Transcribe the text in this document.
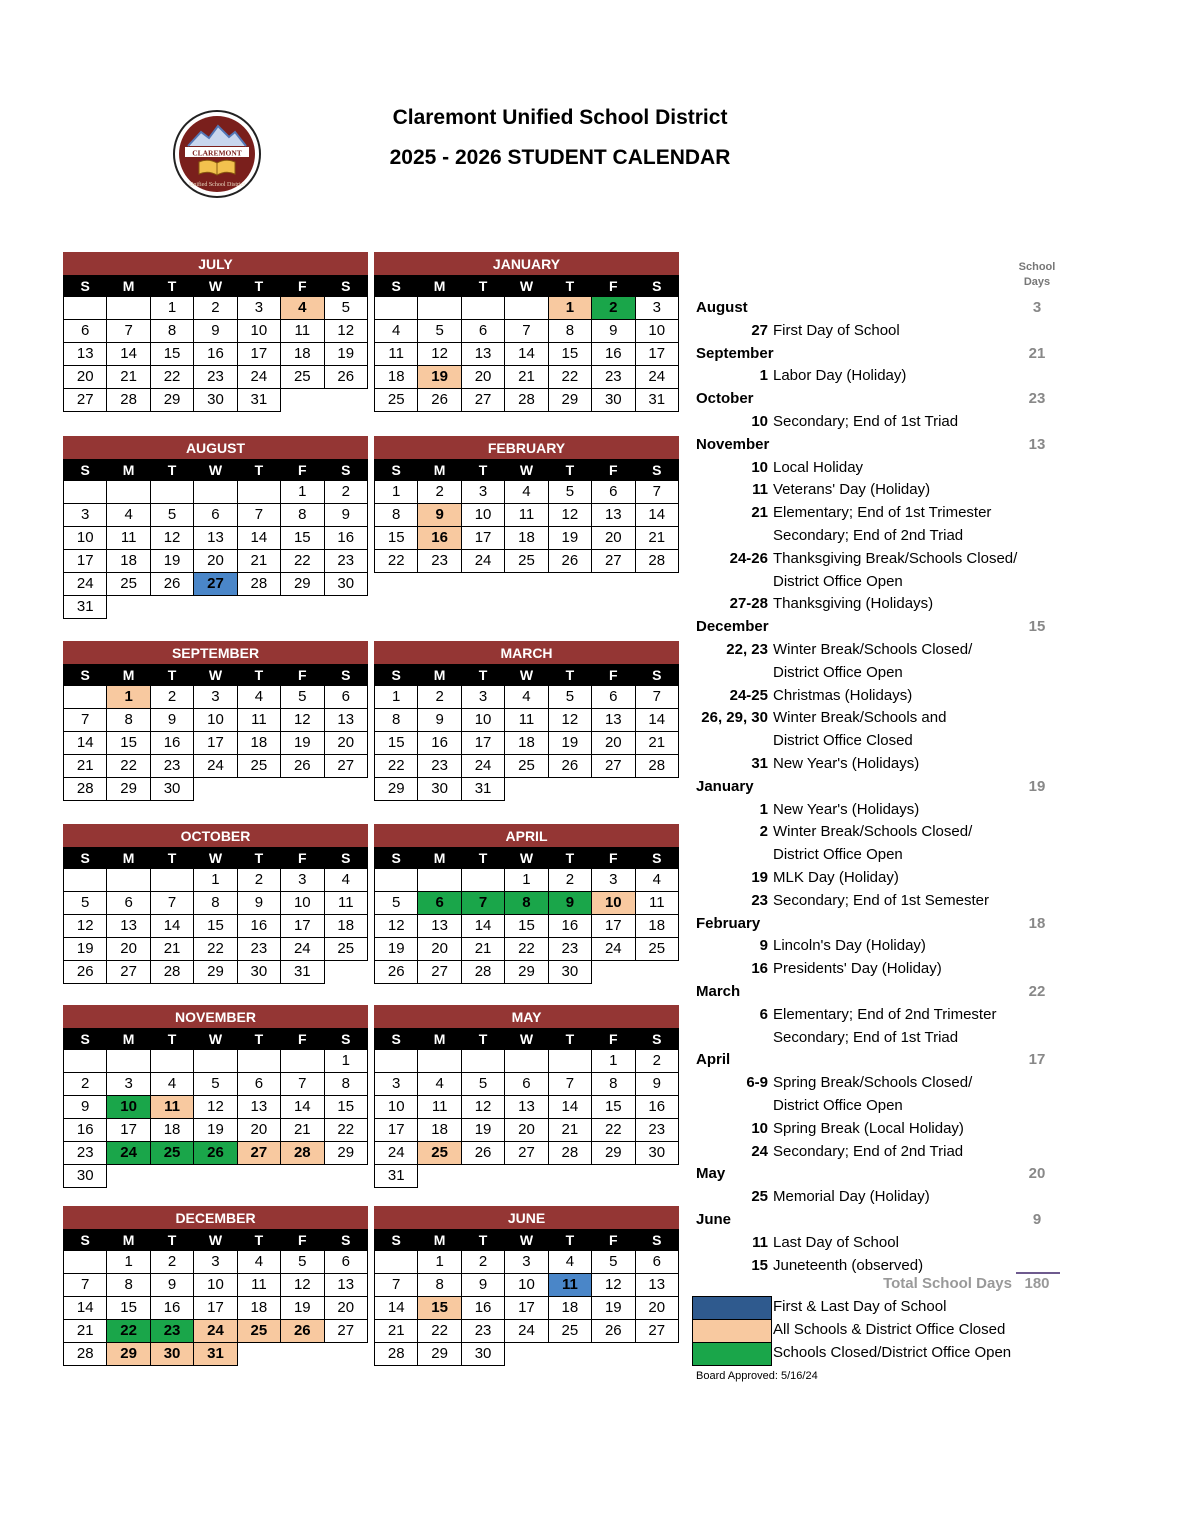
Claremont Unified School District
2025 - 2026 STUDENT CALENDAR
CLAREMONT
Unified School District
JULY						
S	M	T	W	T	F	S
		1	2	3	4	5
6	7	8	9	10	11	12
13	14	15	16	17	18	19
20	21	22	23	24	25	26
27	28	29	30	31		
JANUARY						
S	M	T	W	T	F	S
				1	2	3
4	5	6	7	8	9	10
11	12	13	14	15	16	17
18	19	20	21	22	23	24
25	26	27	28	29	30	31
AUGUST						
S	M	T	W	T	F	S
					1	2
3	4	5	6	7	8	9
10	11	12	13	14	15	16
17	18	19	20	21	22	23
24	25	26	27	28	29	30
31						
FEBRUARY						
S	M	T	W	T	F	S
1	2	3	4	5	6	7
8	9	10	11	12	13	14
15	16	17	18	19	20	21
22	23	24	25	26	27	28
SEPTEMBER						
S	M	T	W	T	F	S
	1	2	3	4	5	6
7	8	9	10	11	12	13
14	15	16	17	18	19	20
21	22	23	24	25	26	27
28	29	30				
MARCH						
S	M	T	W	T	F	S
1	2	3	4	5	6	7
8	9	10	11	12	13	14
15	16	17	18	19	20	21
22	23	24	25	26	27	28
29	30	31				
OCTOBER						
S	M	T	W	T	F	S
			1	2	3	4
5	6	7	8	9	10	11
12	13	14	15	16	17	18
19	20	21	22	23	24	25
26	27	28	29	30	31	
APRIL						
S	M	T	W	T	F	S
			1	2	3	4
5	6	7	8	9	10	11
12	13	14	15	16	17	18
19	20	21	22	23	24	25
26	27	28	29	30		
NOVEMBER						
S	M	T	W	T	F	S
						1
2	3	4	5	6	7	8
9	10	11	12	13	14	15
16	17	18	19	20	21	22
23	24	25	26	27	28	29
30						
MAY						
S	M	T	W	T	F	S
					1	2
3	4	5	6	7	8	9
10	11	12	13	14	15	16
17	18	19	20	21	22	23
24	25	26	27	28	29	30
31						
DECEMBER						
S	M	T	W	T	F	S
	1	2	3	4	5	6
7	8	9	10	11	12	13
14	15	16	17	18	19	20
21	22	23	24	25	26	27
28	29	30	31			
JUNE						
S	M	T	W	T	F	S
	1	2	3	4	5	6
7	8	9	10	11	12	13
14	15	16	17	18	19	20
21	22	23	24	25	26	27
28	29	30				
School
Days
August	3
27 First Day of School
September	21
1 Labor Day (Holiday)
October	23
10 Secondary; End of 1st Triad
November	13
10 Local Holiday
11 Veterans' Day (Holiday)
21 Elementary; End of 1st Trimester
Secondary; End of 2nd Triad
24-26 Thanksgiving Break/Schools Closed/
District Office Open
27-28 Thanksgiving (Holidays)
December	15
22, 23 Winter Break/Schools Closed/
District Office Open
24-25 Christmas (Holidays)
26, 29, 30 Winter Break/Schools and
District Office Closed
31 New Year's (Holidays)
January	19
1 New Year's (Holidays)
2 Winter Break/Schools Closed/
District Office Open
19 MLK Day (Holiday)
23 Secondary; End of 1st Semester
February	18
9 Lincoln's Day (Holiday)
16 Presidents' Day (Holiday)
March	22
6 Elementary; End of 2nd Trimester
Secondary; End of 1st Triad
April	17
6-9 Spring Break/Schools Closed/
District Office Open
10 Spring Break (Local Holiday)
24 Secondary; End of 2nd Triad
May	20
25 Memorial Day (Holiday)
June	9
11 Last Day of School
15 Juneteenth (observed)
Total School Days 180
First & Last Day of School
All Schools & District Office Closed
Schools Closed/District Office Open
Board Approved: 5/16/24
